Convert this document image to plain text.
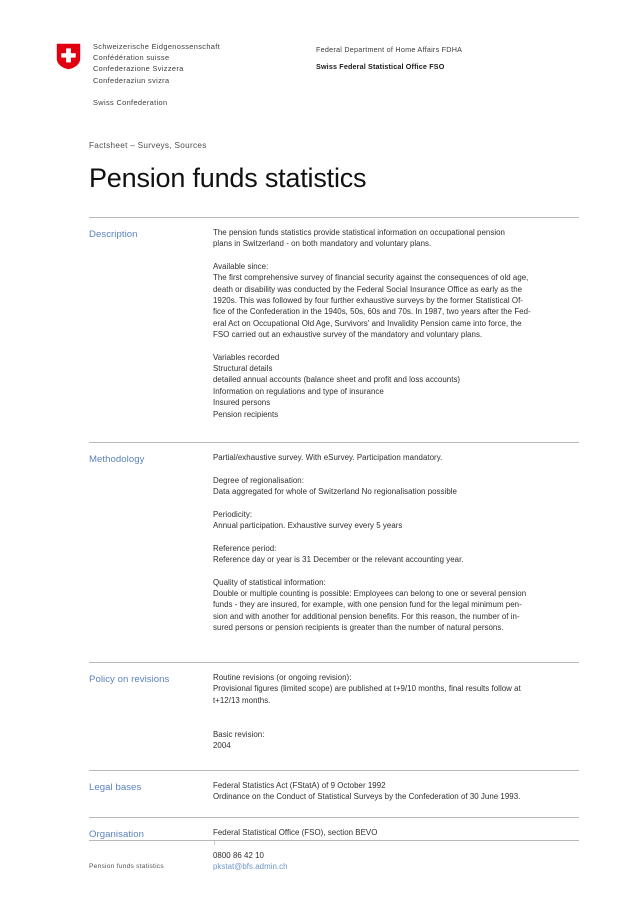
Schweizerische Eidgenossenschaft
Confédération suisse
Confederazione Svizzera
Confederaziun svizra
Swiss Confederation
Federal Department of Home Affairs FDHA
Swiss Federal Statistical Office FSO
Factsheet – Surveys, Sources
Pension funds statistics
Description	The pension funds statistics provide statistical information on occupational pension

plans in Switzerland - on both mandatory and voluntary plans.

Available since:

The first comprehensive survey of financial security against the consequences of old age,

death or disability was conducted by the Federal Social Insurance Office as early as the

1920s. This was followed by four further exhaustive surveys by the former Statistical Of-

fice of the Confederation in the 1940s, 50s, 60s and 70s. In 1987, two years after the Fed-

eral Act on Occupational Old Age, Survivors' and Invalidity Pension came into force, the

FSO carried out an exhaustive survey of the mandatory and voluntary plans.

Variables recorded

Structural details

detailed annual accounts (balance sheet and profit and loss accounts)

Information on regulations and type of insurance

Insured persons

Pension recipients

Methodology	Partial/exhaustive survey. With eSurvey. Participation mandatory.

Degree of regionalisation:

Data aggregated for whole of Switzerland No regionalisation possible

Periodicity:

Annual participation. Exhaustive survey every 5 years

Reference period:

Reference day or year is 31 December or the relevant accounting year.

Quality of statistical information:

Double or multiple counting is possible: Employees can belong to one or several pension

funds - they are insured, for example, with one pension fund for the legal minimum pen-

sion and with another for additional pension benefits. For this reason, the number of in-

sured persons or pension recipients is greater than the number of natural persons.

Policy on revisions	Routine revisions (or ongoing revision):

Provisional figures (limited scope) are published at t+9/10 months, final results follow at

t+12/13 months.

Basic revision:

2004

Legal bases	Federal Statistics Act (FStatA) of 9 October 1992

Ordinance on the Conduct of Statistical Surveys by the Confederation of 30 June 1993.

Organisation	Federal Statistical Office (FSO), section BEVO

0800 86 42 10

pkstat@bfs.admin.ch

Pension funds statistics
